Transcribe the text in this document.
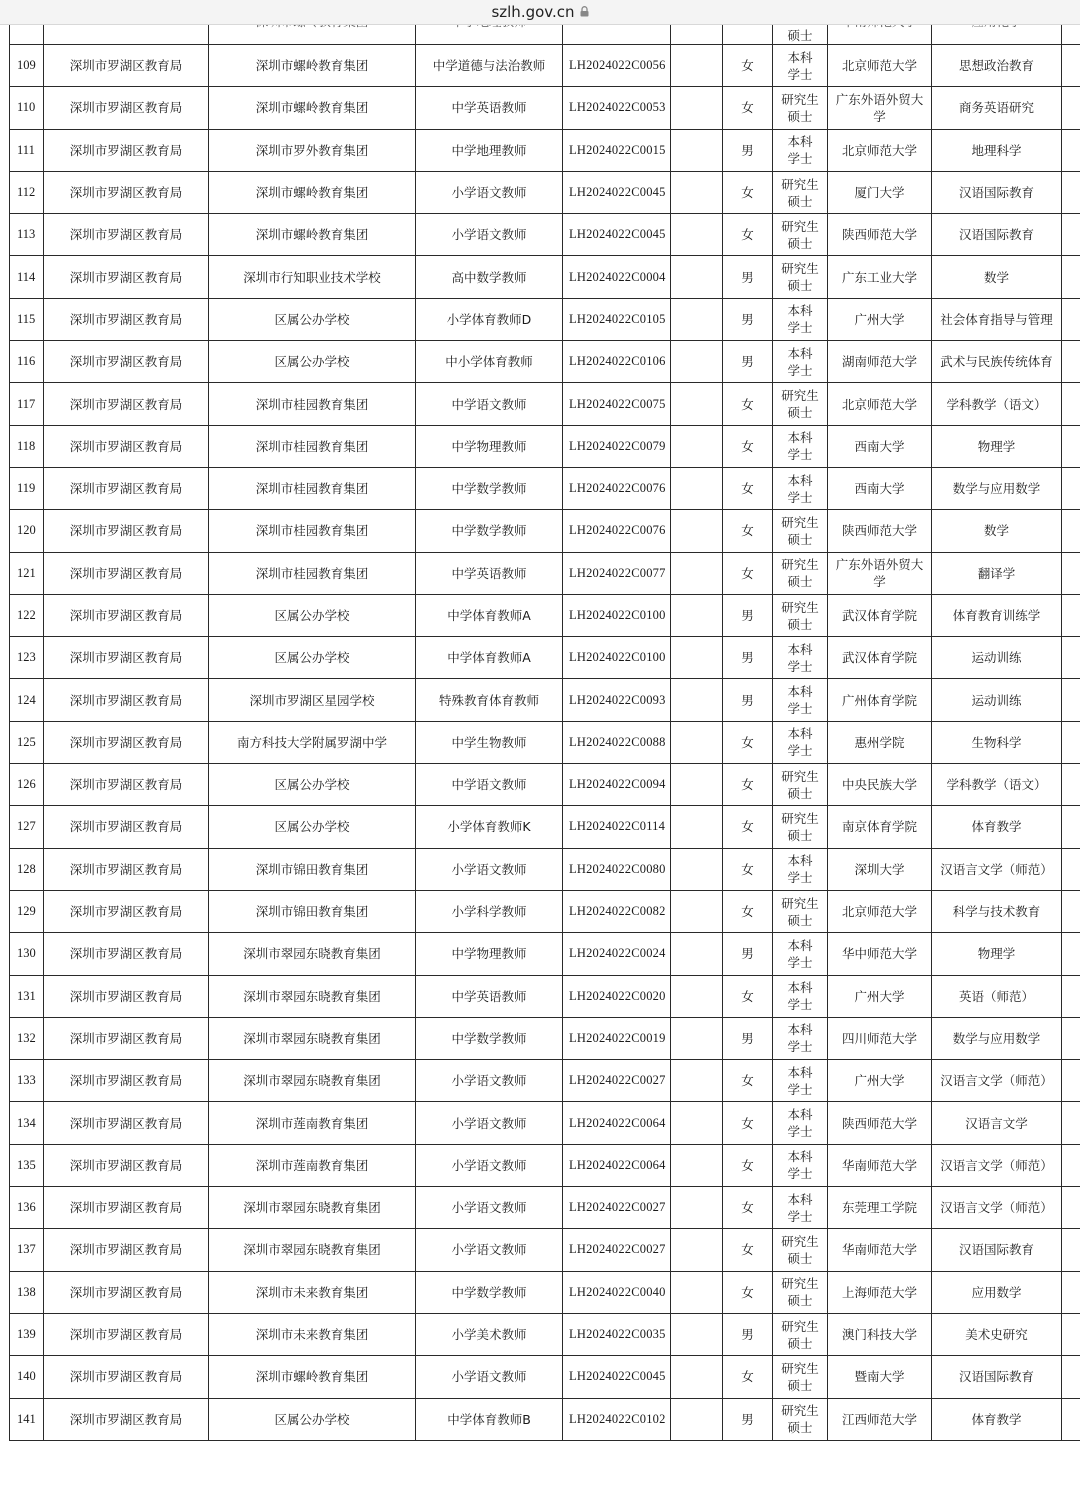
							硕士			
109	深圳市罗湖区教育局	深圳市螺岭教育集团	中学道德与法治教师	LH2024022C0056		女	本科
学士	北京师范大学	思想政治教育	
110	深圳市罗湖区教育局	深圳市螺岭教育集团	中学英语教师	LH2024022C0053		女	研究生
硕士	广东外语外贸大学	商务英语研究	
111	深圳市罗湖区教育局	深圳市罗外教育集团	中学地理教师	LH2024022C0015		男	本科
学士	北京师范大学	地理科学	
112	深圳市罗湖区教育局	深圳市螺岭教育集团	小学语文教师	LH2024022C0045		女	研究生
硕士	厦门大学	汉语国际教育	
113	深圳市罗湖区教育局	深圳市螺岭教育集团	小学语文教师	LH2024022C0045		女	研究生
硕士	陕西师范大学	汉语国际教育	
114	深圳市罗湖区教育局	深圳市行知职业技术学校	高中数学教师	LH2024022C0004		男	研究生
硕士	广东工业大学	数学	
115	深圳市罗湖区教育局	区属公办学校	小学体育教师D	LH2024022C0105		男	本科
学士	广州大学	社会体育指导与管理	
116	深圳市罗湖区教育局	区属公办学校	中小学体育教师	LH2024022C0106		男	本科
学士	湖南师范大学	武术与民族传统体育	
117	深圳市罗湖区教育局	深圳市桂园教育集团	中学语文教师	LH2024022C0075		女	研究生
硕士	北京师范大学	学科教学（语文）	
118	深圳市罗湖区教育局	深圳市桂园教育集团	中学物理教师	LH2024022C0079		女	本科
学士	西南大学	物理学	
119	深圳市罗湖区教育局	深圳市桂园教育集团	中学数学教师	LH2024022C0076		女	本科
学士	西南大学	数学与应用数学	
120	深圳市罗湖区教育局	深圳市桂园教育集团	中学数学教师	LH2024022C0076		女	研究生
硕士	陕西师范大学	数学	
121	深圳市罗湖区教育局	深圳市桂园教育集团	中学英语教师	LH2024022C0077		女	研究生
硕士	广东外语外贸大学	翻译学	
122	深圳市罗湖区教育局	区属公办学校	中学体育教师A	LH2024022C0100		男	研究生
硕士	武汉体育学院	体育教育训练学	
123	深圳市罗湖区教育局	区属公办学校	中学体育教师A	LH2024022C0100		男	本科
学士	武汉体育学院	运动训练	
124	深圳市罗湖区教育局	深圳市罗湖区星园学校	特殊教育体育教师	LH2024022C0093		男	本科
学士	广州体育学院	运动训练	
125	深圳市罗湖区教育局	南方科技大学附属罗湖中学	中学生物教师	LH2024022C0088		女	本科
学士	惠州学院	生物科学	
126	深圳市罗湖区教育局	区属公办学校	中学语文教师	LH2024022C0094		女	研究生
硕士	中央民族大学	学科教学（语文）	
127	深圳市罗湖区教育局	区属公办学校	小学体育教师K	LH2024022C0114		女	研究生
硕士	南京体育学院	体育教学	
128	深圳市罗湖区教育局	深圳市锦田教育集团	小学语文教师	LH2024022C0080		女	本科
学士	深圳大学	汉语言文学（师范）	
129	深圳市罗湖区教育局	深圳市锦田教育集团	小学科学教师	LH2024022C0082		女	研究生
硕士	北京师范大学	科学与技术教育	
130	深圳市罗湖区教育局	深圳市翠园东晓教育集团	中学物理教师	LH2024022C0024		男	本科
学士	华中师范大学	物理学	
131	深圳市罗湖区教育局	深圳市翠园东晓教育集团	中学英语教师	LH2024022C0020		女	本科
学士	广州大学	英语（师范）	
132	深圳市罗湖区教育局	深圳市翠园东晓教育集团	中学数学教师	LH2024022C0019		男	本科
学士	四川师范大学	数学与应用数学	
133	深圳市罗湖区教育局	深圳市翠园东晓教育集团	小学语文教师	LH2024022C0027		女	本科
学士	广州大学	汉语言文学（师范）	
134	深圳市罗湖区教育局	深圳市莲南教育集团	小学语文教师	LH2024022C0064		女	本科
学士	陕西师范大学	汉语言文学	
135	深圳市罗湖区教育局	深圳市莲南教育集团	小学语文教师	LH2024022C0064		女	本科
学士	华南师范大学	汉语言文学（师范）	
136	深圳市罗湖区教育局	深圳市翠园东晓教育集团	小学语文教师	LH2024022C0027		女	本科
学士	东莞理工学院	汉语言文学（师范）	
137	深圳市罗湖区教育局	深圳市翠园东晓教育集团	小学语文教师	LH2024022C0027		女	研究生
硕士	华南师范大学	汉语国际教育	
138	深圳市罗湖区教育局	深圳市未来教育集团	中学数学教师	LH2024022C0040		女	研究生
硕士	上海师范大学	应用数学	
139	深圳市罗湖区教育局	深圳市未来教育集团	小学美术教师	LH2024022C0035		男	研究生
硕士	澳门科技大学	美术史研究	
140	深圳市罗湖区教育局	深圳市螺岭教育集团	小学语文教师	LH2024022C0045		女	研究生
硕士	暨南大学	汉语国际教育	
141	深圳市罗湖区教育局	区属公办学校	中学体育教师B	LH2024022C0102		男	研究生
硕士	江西师范大学	体育教学	
szlh.gov.cn
